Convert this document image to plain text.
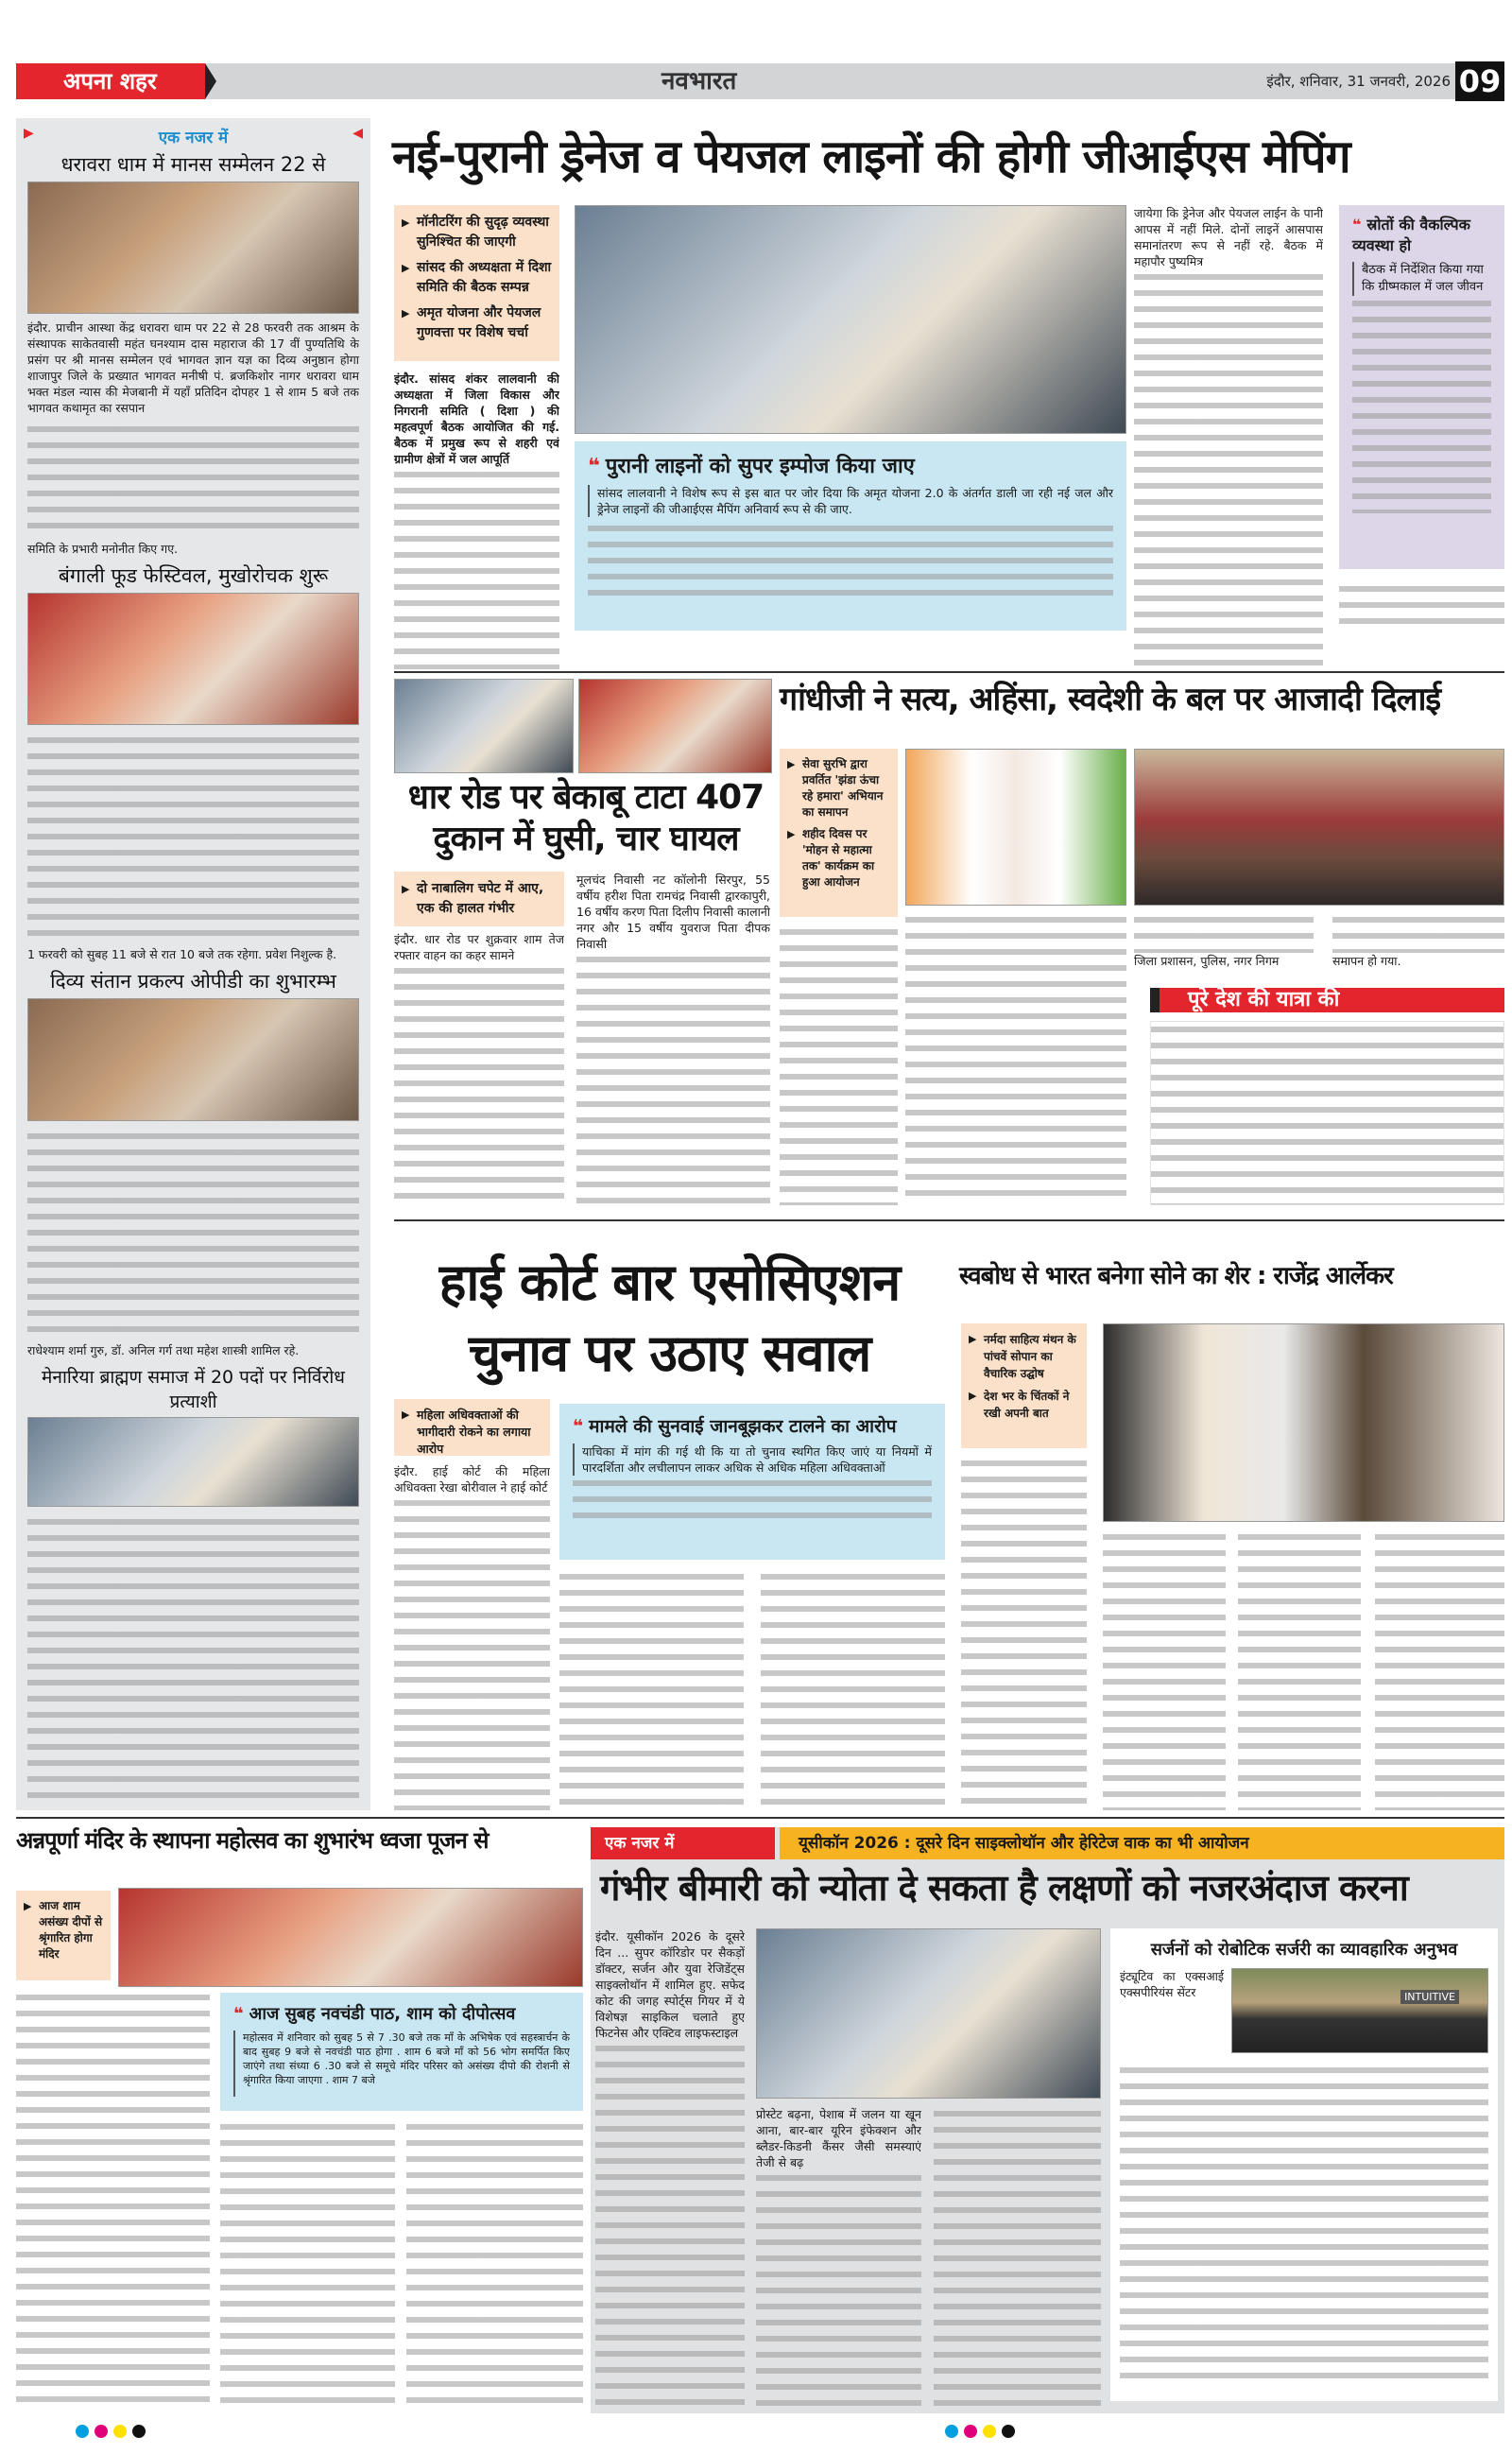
अपना शहर	नवभारत	इंदौर, शनिवार, 31 जनवरी, 2026 09
▶ एक नजर में ◀
धरावरा धाम में मानस सम्मेलन 22 से

इंदौर. प्राचीन आस्था केंद्र धरावरा धाम पर 22 से 28 फरवरी तक आश्रम के संस्थापक साकेतवासी महंत घनश्याम दास महाराज की 17 वीं पुण्यतिथि के प्रसंग पर श्री मानस सम्मेलन एवं भागवत ज्ञान यज्ञ का दिव्य अनुष्ठान होगा शाजापुर जिले के प्रख्यात भागवत मनीषी पं. ब्रजकिशोर नागर धरावरा धाम भक्त मंडल न्यास की मेजबानी में यहाँ प्रतिदिन दोपहर 1 से शाम 5 बजे तक भागवत कथामृत का रसपान

समिति के प्रभारी मनोनीत किए गए.

बंगाली फूड फेस्टिवल, मुखोरोचक शुरू

1 फरवरी को सुबह 11 बजे से रात 10 बजे तक रहेगा. प्रवेश निशुल्क है.

दिव्य संतान प्रकल्प ओपीडी का शुभारम्भ

राधेश्याम शर्मा गुरु, डॉ. अनिल गर्ग तथा महेश शास्त्री शामिल रहे.

मेनारिया ब्राह्मण समाज में 20 पदों पर निर्विरोध प्रत्याशी
नई-पुरानी ड्रेनेज व पेयजल लाइनों की होगी जीआईएस मेपिंग
▶ मॉनीटरिंग की सुदृढ़ व्यवस्था सुनिश्चित की जाएगी
▶ सांसद की अध्यक्षता में दिशा समिति की बैठक सम्पन्न
▶ अमृत योजना और पेयजल गुणवत्ता पर विशेष चर्चा
इंदौर. सांसद शंकर लालवानी की अध्यक्षता में जिला विकास और निगरानी समिति ( दिशा ) की महत्वपूर्ण बैठक आयोजित की गई. बैठक में प्रमुख रूप से शहरी एवं ग्रामीण क्षेत्रों में जल आपूर्ति	❝ पुरानी लाइनों को सुपर इम्पोज किया जाए

सांसद लालवानी ने विशेष रूप से इस बात पर जोर दिया कि अमृत योजना 2.0 के अंतर्गत डाली जा रही नई जल और ड्रेनेज लाइनों की जीआईएस मैपिंग अनिवार्य रूप से की जाए.

जायेगा कि ड्रेनेज और पेयजल लाईन के पानी आपस में नहीं मिले. दोनों लाइनें आसपास समानांतरण रूप से नहीं रहे. बैठक में महापौर पुष्यमित्र
❝ स्रोतों की वैकल्पिक व्यवस्था हो

बैठक में निर्देशित किया गया कि ग्रीष्मकाल में जल जीवन

धार रोड पर बेकाबू टाटा 407 दुकान में घुसी, चार घायल
▶ दो नाबालिग चपेट में आए, एक की हालत गंभीर
इंदौर. धार रोड पर शुक्रवार शाम तेज रफ्तार वाहन का कहर सामने
मूलचंद निवासी नट कॉलोनी सिरपुर, 55 वर्षीय हरीश पिता रामचंद्र निवासी द्वारकापुरी, 16 वर्षीय करण पिता दिलीप निवासी कालानी नगर और 15 वर्षीय युवराज पिता दीपक निवासी
गांधीजी ने सत्य, अहिंसा, स्वदेशी के बल पर आजादी दिलाई
▶ सेवा सुरभि द्वारा प्रवर्तित 'झंडा ऊंचा रहे हमारा' अभियान का समापन
▶ शहीद दिवस पर 'मोहन से महात्मा तक' कार्यक्रम का हुआ आयोजन
जिला प्रशासन, पुलिस, नगर निगम	समापन हो गया.
पूरे देश की यात्रा की
हाई कोर्ट बार एसोसिएशन
चुनाव पर उठाए सवाल
▶ महिला अधिवक्ताओं की भागीदारी रोकने का लगाया आरोप
इंदौर. हाई कोर्ट की महिला अधिवक्ता रेखा बोरीवाल ने हाई कोर्ट
❝ मामले की सुनवाई जानबूझकर टालने का आरोप

याचिका में मांग की गई थी कि या तो चुनाव स्थगित किए जाएं या नियमों में पारदर्शिता और लचीलापन लाकर अधिक से अधिक महिला अधिवक्ताओं

स्वबोध से भारत बनेगा सोने का शेर : राजेंद्र आर्लेकर
▶ नर्मदा साहित्य मंथन के पांचवें सोपान का वैचारिक उद्घोष
▶ देश भर के चिंतकों ने रखी अपनी बात
अन्नपूर्णा मंदिर के स्थापना महोत्सव का शुभारंभ ध्वजा पूजन से
▶ आज शाम असंख्य दीपों से श्रृंगारित होगा मंदिर
❝ आज सुबह नवचंडी पाठ, शाम को दीपोत्सव

महोत्सव में शनिवार को सुबह 5 से 7 .30 बजे तक माँ के अभिषेक एवं सहस्त्रार्चन के बाद सुबह 9 बजे से नवचंडी पाठ होगा . शाम 6 बजे माँ को 56 भोग समर्पित किए जाएंगे तथा संध्या 6 .30 बजे से समूचे मंदिर परिसर को असंख्य दीपो की रोशनी से श्रृंगारित किया जाएगा . शाम 7 बजे

एक नजर में	यूसीकॉन 2026 : दूसरे दिन साइक्लोथॉन और हेरिटेज वाक का भी आयोजन
गंभीर बीमारी को न्योता दे सकता है लक्षणों को नजरअंदाज करना
इंदौर. यूसीकॉन 2026 के दूसरे दिन ... सुपर कॉरिडोर पर सैकड़ों डॉक्टर, सर्जन और युवा रेजिडेंट्स साइक्लोथॉन में शामिल हुए. सफेद कोट की जगह स्पोर्ट्स गियर में ये विशेषज्ञ साइकिल चलाते हुए फिटनेस और एक्टिव लाइफस्टाइल
प्रोस्टेट बढ़ना, पेशाब में जलन या खून आना, बार-बार यूरिन इंफेक्शन और ब्लैडर-किडनी कैंसर जैसी समस्याएं तेजी से बढ़
सर्जनों को रोबोटिक सर्जरी का व्यावहारिक अनुभव
इंट्यूटिव का एक्सआई एक्सपीरियंस सेंटर	INTUITIVE
